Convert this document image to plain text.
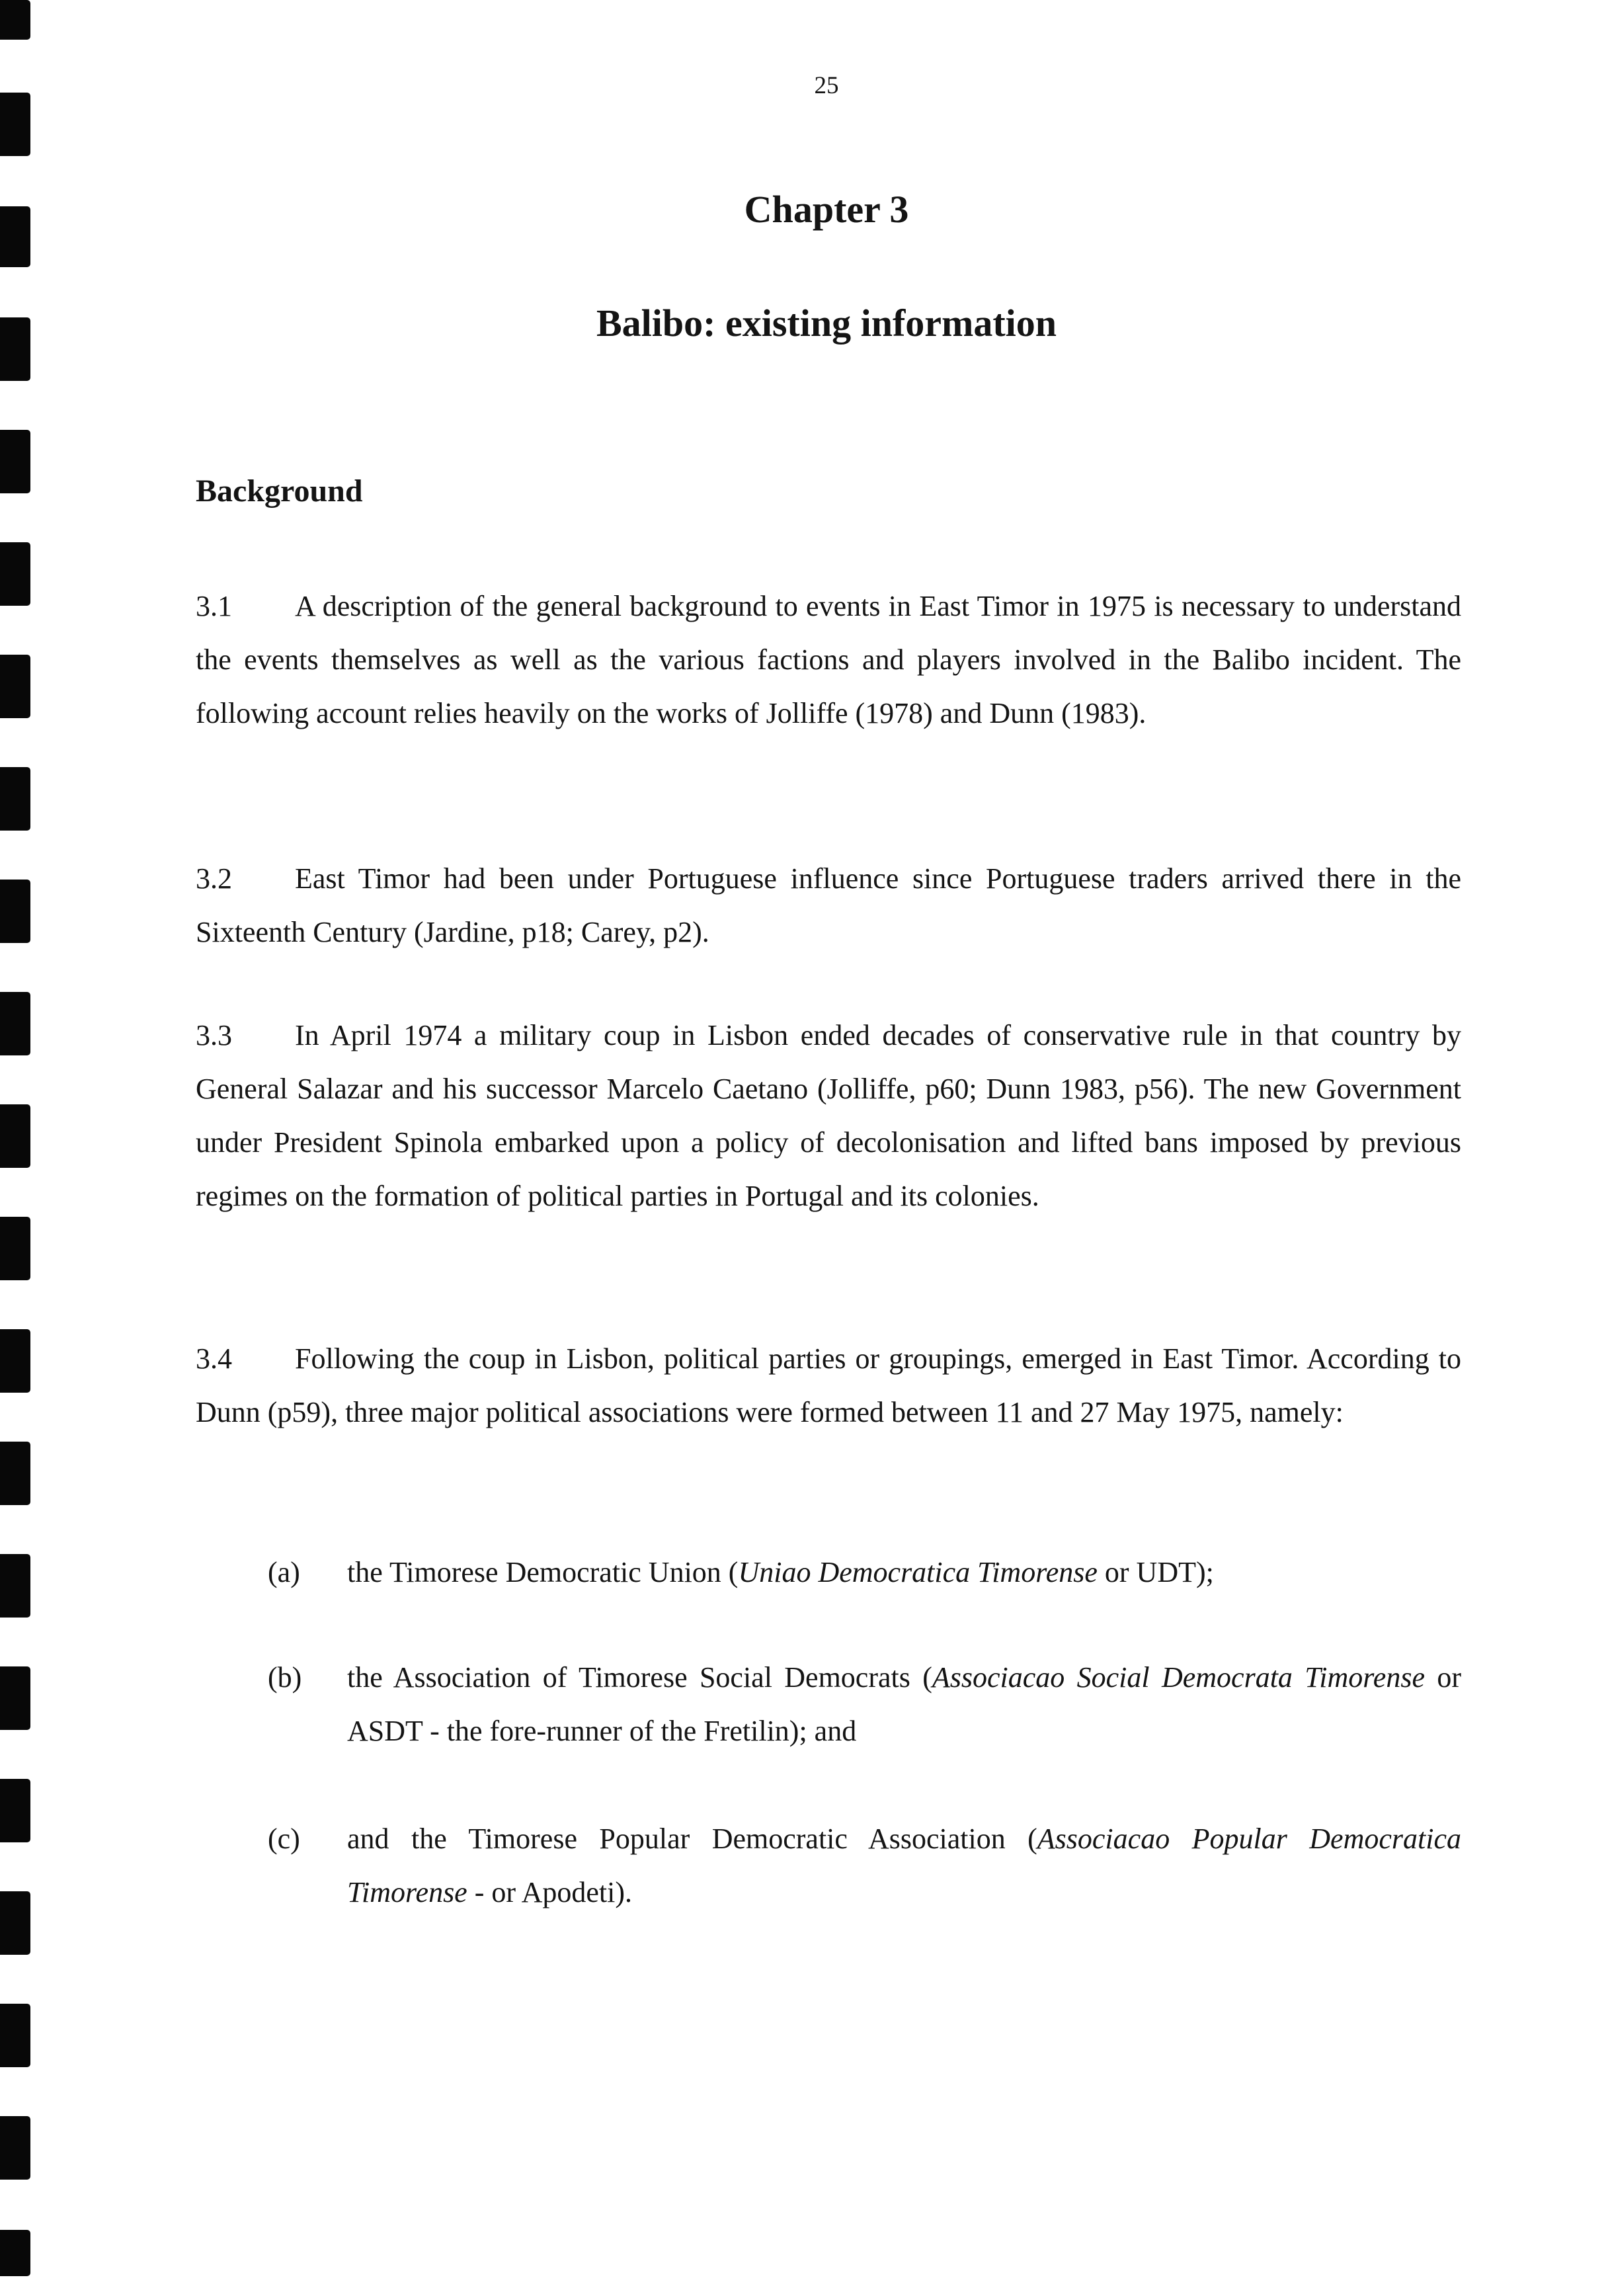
25
Chapter 3
Balibo: existing information
Background

3.1 A description of the general background to events in East Timor in 1975 is necessary to understand the events themselves as well as the various factions and players involved in the Balibo incident. The following account relies heavily on the works of Jolliffe (1978) and Dunn (1983).

3.2 East Timor had been under Portuguese influence since Portuguese traders arrived there in the Sixteenth Century (Jardine, p18; Carey, p2).

3.3 In April 1974 a military coup in Lisbon ended decades of conservative rule in that country by General Salazar and his successor Marcelo Caetano (Jolliffe, p60; Dunn 1983, p56). The new Government under President Spinola embarked upon a policy of decolonisation and lifted bans imposed by previous regimes on the formation of political parties in Portugal and its colonies.

3.4 Following the coup in Lisbon, political parties or groupings, emerged in East Timor. According to Dunn (p59), three major political associations were formed between 11 and 27 May 1975, namely:

(a) the Timorese Democratic Union (Uniao Democratica Timorense or UDT);
(b) the Association of Timorese Social Democrats (Associacao Social Democrata Timorense or ASDT - the fore-runner of the Fretilin); and
(c) and the Timorese Popular Democratic Association (Associacao Popular Democratica Timorense - or Apodeti).
